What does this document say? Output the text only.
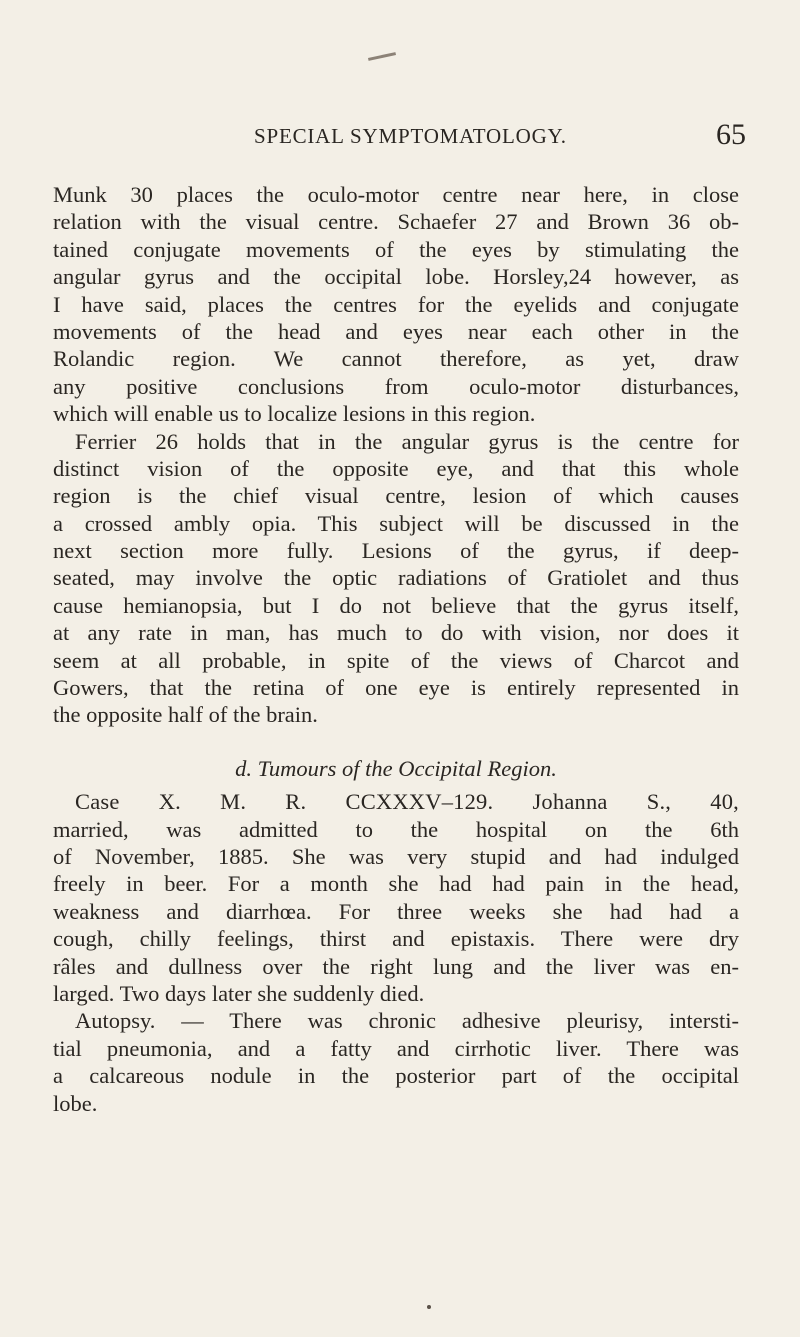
SPECIAL SYMPTOMATOLOGY.	65
Munk 30 places the oculo-motor centre near here, in close
relation with the visual centre. Schaefer 27 and Brown 36 ob-
tained conjugate movements of the eyes by stimulating the
angular gyrus and the occipital lobe. Horsley,24 however, as
I have said, places the centres for the eyelids and conjugate
movements of the head and eyes near each other in the
Rolandic region. We cannot therefore, as yet, draw
any positive conclusions from oculo-motor disturbances,
which will enable us to localize lesions in this region.
Ferrier 26 holds that in the angular gyrus is the centre for
distinct vision of the opposite eye, and that this whole
region is the chief visual centre, lesion of which causes
a crossed ambly opia. This subject will be discussed in the
next section more fully. Lesions of the gyrus, if deep-
seated, may involve the optic radiations of Gratiolet and thus
cause hemianopsia, but I do not believe that the gyrus itself,
at any rate in man, has much to do with vision, nor does it
seem at all probable, in spite of the views of Charcot and
Gowers, that the retina of one eye is entirely represented in
the opposite half of the brain.
d. Tumours of the Occipital Region.
Case X. M. R. CCXXXV–129. Johanna S., 40,
married, was admitted to the hospital on the 6th
of November, 1885. She was very stupid and had indulged
freely in beer. For a month she had had pain in the head,
weakness and diarrhœa. For three weeks she had had a
cough, chilly feelings, thirst and epistaxis. There were dry
râles and dullness over the right lung and the liver was en-
larged. Two days later she suddenly died.
Autopsy. — There was chronic adhesive pleurisy, intersti-
tial pneumonia, and a fatty and cirrhotic liver. There was
a calcareous nodule in the posterior part of the occipital
lobe.
